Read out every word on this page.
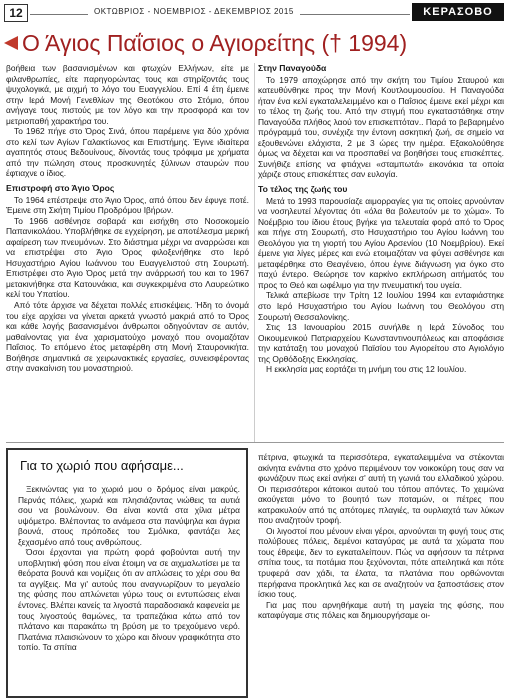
12	ΟΚΤΩΒΡΙΟΣ - ΝΟΕΜΒΡΙΟΣ - ΔΕΚΕΜΒΡΙΟΣ 2015	ΚΕΡΑΣΟΒΟ
Ο Άγιος Παΐσιος ο Αγιορείτης († 1994)

βοήθεια των βασανισμένων και φτωχών Ελλήνων, είτε με φιλανθρωπίες, είτε παρηγορώντας τους και στηρίζοντάς τους ψυχολογικά, με αιχμή το λόγο του Ευαγγελίου. Επί 4 έτη έμεινε στην Ιερά Μονή Γενεθλίων της Θεοτόκου στο Στόμιο, όπου ανήγαγε τους πιστούς με τον λόγο και την προσφορά και τον μετριοπαθή χαρακτήρα του.

Το 1962 πήγε στο Όρος Σινά, όπου παρέμεινε για δύο χρόνια στο κελί των Αγίων Γαλακτίωνος και Επιστήμης. Έγινε ιδιαίτερα αγαπητός στους Βεδουίνους, δίνοντάς τους τρόφιμα με χρήματα από την πώληση στους προσκυνητές ξύλινων σταυρών που έφτιαχνε ο ίδιος.

Επιστροφή στο Άγιο Όρος

Το 1964 επέστρεψε στο Άγιο Όρος, από όπου δεν έφυγε ποτέ. Έμεινε στη Σκήτη Τιμίου Προδρόμου Ιβήρων.

Το 1966 ασθένησε σοβαρά και εισήχθη στο Νοσοκομείο Παπανικολάου. Υποβλήθηκε σε εγχείρηση, με αποτέλεσμα μερική αφαίρεση των πνευμόνων. Στο διάστημα μέχρι να αναρρώσει και να επιστρέψει στο Άγιο Όρος φιλοξενήθηκε στο Ιερό Ησυχαστήριο Αγίου Ιωάννου του Ευαγγελιστού στη Σουρωτή. Επιστρέφει στο Άγιο Όρος μετά την ανάρρωσή του και το 1967 μετακινήθηκε στα Κατουνάκια, και συγκεκριμένα στο Λαυρεώτικο κελί του Υπατίου.

Από τότε άρχισε να δέχεται πολλές επισκέψεις. Ήδη το όνομά του είχε αρχίσει να γίνεται αρκετά γνωστό μακριά από το Όρος και κάθε λογής βασανισμένοι άνθρωποι οδηγούνταν σε αυτόν, μαθαίνοντας για ένα χαρισματούχο μοναχό που ονομαζόταν Παΐσιος. Το επόμενο έτος μεταφέρθη στη Μονή Σταυρονικήτα. Βοήθησε σημαντικά σε χειρωνακτικές εργασίες, συνεισφέροντας στην ανακαίνιση του μοναστηριού.

Στην Παναγούδα

Το 1979 αποχώρησε από την σκήτη του Τιμίου Σταυρού και κατευθύνθηκε προς την Μονή Κουτλουμουσίου. Η Παναγούδα ήταν ένα κελί εγκαταλελειμμένο και ο Παΐσιος έμεινε εκεί μέχρι και το τέλος τη ζωής του. Από την στιγμή που εγκαταστάθηκε στην Παναγούδα πλήθος λαού τον επισκεπτόταν.. Παρά το βεβαρημένο πρόγραμμά του, συνέχιζε την έντονη ασκητική ζωή, σε σημείο να εξουθενώνει ελάχιστα, 2 με 3 ώρες την ημέρα. Εξακολούθησε όμως να δέχεται και να προσπαθεί να βοηθήσει τους επισκέπτες. Συνήθιζε επίσης να φτιάχνει «σταμπωτά» εικονάκια τα οποία χάριζε στους επισκέπτες σαν ευλογία.

Το τέλος της ζωής του

Μετά το 1993 παρουσίαζε αιμορραγίες για τις οποίες αρνούνταν να νοσηλευτεί λέγοντας ότι «όλα θα βολευτούν με το χώμα». Το Νοέμβριο του ίδιου έτους βγήκε για τελευταία φορά από το Όρος και πήγε στη Σουρωτή, στο Ησυχαστήριο του Αγίου Ιωάννη του Θεολόγου για τη γιορτή του Αγίου Αρσενίου (10 Νοεμβρίου). Εκεί έμεινε για λίγες μέρες και ενώ ετοιμαζόταν να φύγει ασθένησε και μεταφέρθηκε στο Θεαγένειο, όπου έγινε διάγνωση για όγκο στο παχύ έντερο. Θεώρησε τον καρκίνο εκπλήρωση αιτήματός του προς το Θεό και ωφέλιμο για την πνευματική του υγεία.

Τελικά απεβίωσε την Τρίτη 12 Ιουλίου 1994 και ενταφιάστηκε στο Ιερό Ησυχαστήριο του Αγίου Ιωάννη του Θεολόγου στη Σουρωτή Θεσσαλονίκης.

Στις 13 Ιανουαρίου 2015 συνήλθε η Ιερά Σύνοδος του Οικουμενικού Πατριαρχείου Κωνσταντινουπόλεως και αποφάσισε την κατάταξη του μοναχού Παϊσίου του Αγιορείτου στο Αγιολόγιο της Ορθόδοξης Εκκλησίας.

Η εκκλησία μας εορτάζει τη μνήμη του στις 12 Ιουλίου.

Για το χωριό που αφήσαμε...

Ξεκινώντας για το χωριό μου ο δρόμος είναι μακρύς. Περνάς πόλεις, χωριά και πλησιάζοντας νιώθεις τα αυτιά σου να βουλώνουν. Θα είναι κοντά στα χίλια μέτρα υψόμετρο. Βλέποντας το ανάμεσα στα πανύψηλα και άγρια βουνά, στους πρόποδες του Σμόλικα, φαντάζει λες ξεχασμένο από τους ανθρώπους.

Όσοι έρχονται για πρώτη φορά φοβούνται αυτή την υποβλητική φύση που είναι έτοιμη να σε αιχμαλωτίσει με τα θεόρατα βουνά και νομίζεις ότι αν απλώσεις το χέρι σου θα τα αγγίξεις. Μα γι' αυτούς που αναγνωρίζουν το μεγαλείο της φύσης που απλώνεται γύρω τους οι εντυπώσεις είναι έντονες. Βλέπει κανείς τα λιγοστά παραδοσιακά καφενεία με τους λιγοστούς θαμώνες, τα τραπεζάκια κάτω από τον πλάτανο και παρακάτω τη βρύση με το τρεχούμενο νερό. Πλατάνια πλαισιώνουν το χώρο και δίνουν γραφικότητα στο τοπίο. Τα σπίτια

πέτρινα, φτωχικά τα περισσότερα, εγκαταλειμμένα να στέκονται ακίνητα ενάντια στο χρόνο περιμένουν τον νοικοκύρη τους σαν να φωνάζουν πως εκεί ανήκει σ' αυτή τη γωνιά του ελλαδικού χώρου. Οι περισσότεροι κάτοικοι αυτού του τόπου απόντες. Το χειμώνα ακούγεται μόνο το βουητό των ποταμών, οι πέτρες που κατρακυλούν από τις απότομες πλαγιές, τα ουρλιαχτά των λύκων που αναζητούν τροφή.

Οι λιγοστοί που μένουν είναι γέροι, αρνούνται τη φυγή τους στις πολύβουες πόλεις, δεμένοι καταγύρας με αυτά τα χώματα που τους έθρεψε, δεν το εγκαταλείπουν. Πώς να αφήσουν τα πέτρινα σπίτια τους, τα ποτάμια που ξεχύνονται, πότε απειλητικά και πότε τρυφερά σαν χάδι, τα έλατα, τα πλατάνια που ορθώνονται περήφανα προκλητικά λες και σε αναζητούν να ξαποστάσεις στον ίσκιο τους.

Για μας που αρνηθήκαμε αυτή τη μαγεία της φύσης, που καταφύγαμε στις πόλεις και δημιουργήσαμε οι-
